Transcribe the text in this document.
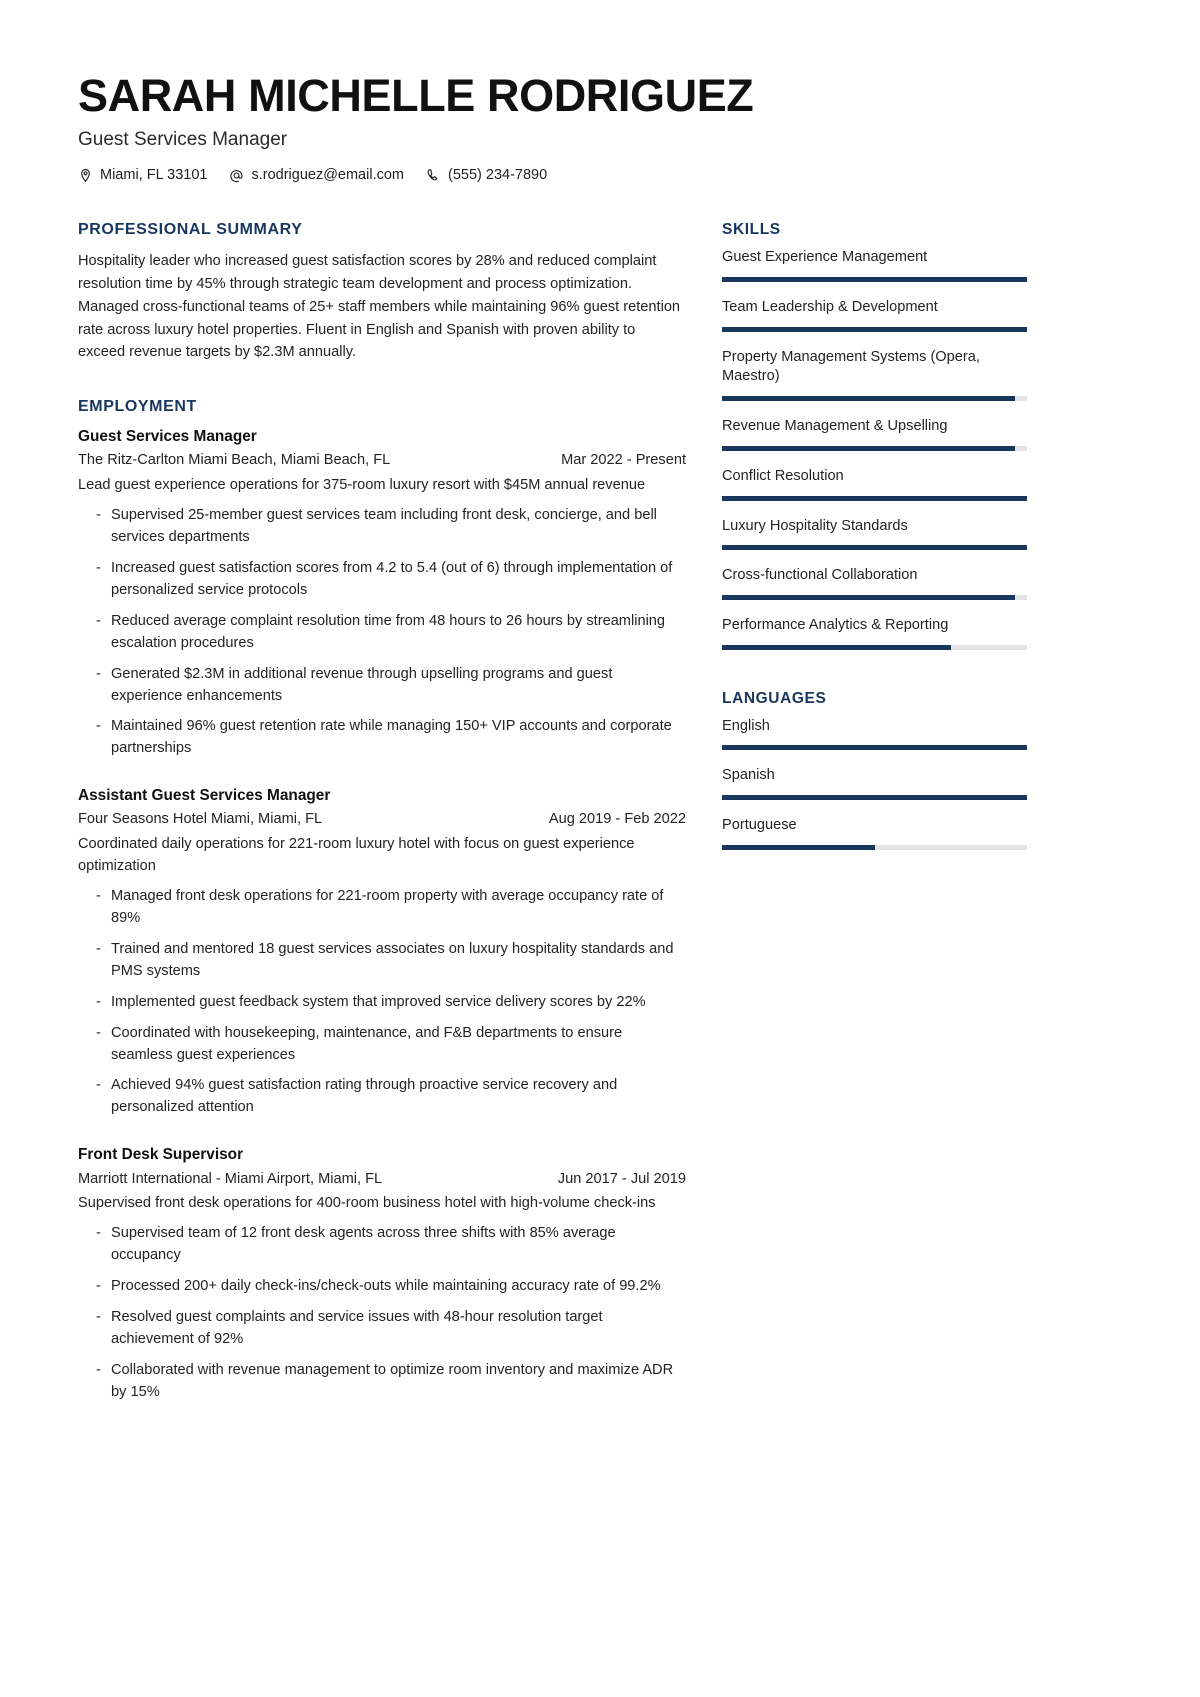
SARAH MICHELLE RODRIGUEZ
Guest Services Manager
Miami, FL 33101	s.rodriguez@email.com	(555) 234-7890
PROFESSIONAL SUMMARY

Hospitality leader who increased guest satisfaction scores by 28% and reduced complaint resolution time by 45% through strategic team development and process optimization. Managed cross-functional teams of 25+ staff members while maintaining 96% guest retention rate across luxury hotel properties. Fluent in English and Spanish with proven ability to exceed revenue targets by $2.3M annually.

EMPLOYMENT
Guest Services Manager
The Ritz-Carlton Miami Beach, Miami Beach, FL	Mar 2022 - Present
Lead guest experience operations for 375-room luxury resort with $45M annual revenue
- Supervised 25-member guest services team including front desk, concierge, and bell services departments
- Increased guest satisfaction scores from 4.2 to 5.4 (out of 6) through implementation of personalized service protocols
- Reduced average complaint resolution time from 48 hours to 26 hours by streamlining escalation procedures
- Generated $2.3M in additional revenue through upselling programs and guest experience enhancements
- Maintained 96% guest retention rate while managing 150+ VIP accounts and corporate partnerships
Assistant Guest Services Manager
Four Seasons Hotel Miami, Miami, FL	Aug 2019 - Feb 2022
Coordinated daily operations for 221-room luxury hotel with focus on guest experience optimization
- Managed front desk operations for 221-room property with average occupancy rate of 89%
- Trained and mentored 18 guest services associates on luxury hospitality standards and PMS systems
- Implemented guest feedback system that improved service delivery scores by 22%
- Coordinated with housekeeping, maintenance, and F&B departments to ensure seamless guest experiences
- Achieved 94% guest satisfaction rating through proactive service recovery and personalized attention
Front Desk Supervisor
Marriott International - Miami Airport, Miami, FL	Jun 2017 - Jul 2019
Supervised front desk operations for 400-room business hotel with high-volume check-ins
- Supervised team of 12 front desk agents across three shifts with 85% average occupancy
- Processed 200+ daily check-ins/check-outs while maintaining accuracy rate of 99.2%
- Resolved guest complaints and service issues with 48-hour resolution target achievement of 92%
- Collaborated with revenue management to optimize room inventory and maximize ADR by 15%
SKILLS
Guest Experience Management
Team Leadership & Development
Property Management Systems (Opera, Maestro)
Revenue Management & Upselling
Conflict Resolution
Luxury Hospitality Standards
Cross-functional Collaboration
Performance Analytics & Reporting
LANGUAGES
English
Spanish
Portuguese
